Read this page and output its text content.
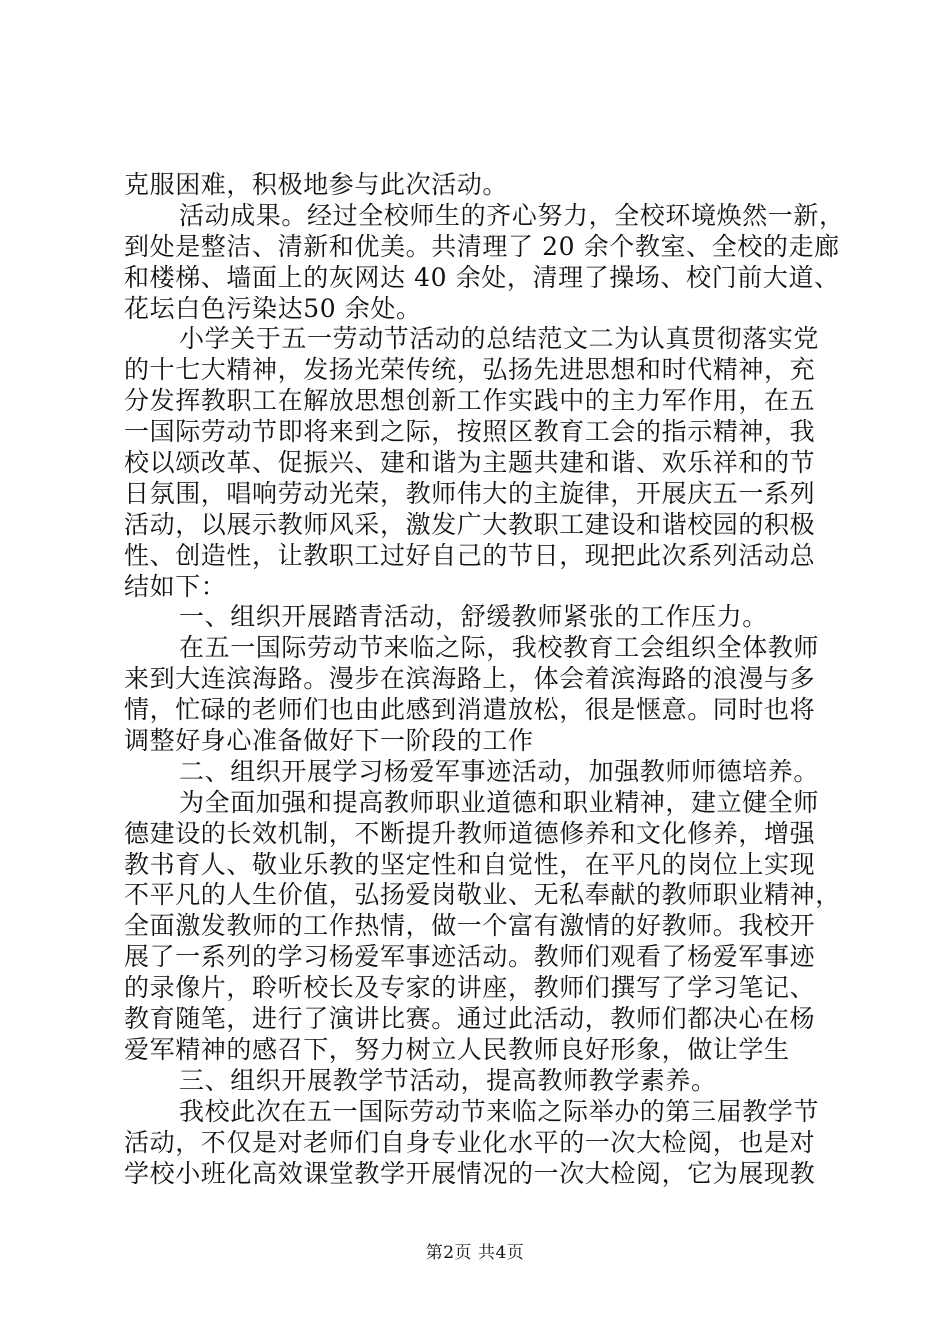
克服困难，积极地参与此次活动。
活动成果。经过全校师生的齐心努力，全校环境焕然一新，
到处是整洁、清新和优美。共清理了 20 余个教室、全校的走廊
和楼梯、墙面上的灰网达 40 余处，清理了操场、校门前大道、
花坛白色污染达50 余处。
小学关于五一劳动节活动的总结范文二为认真贯彻落实党
的十七大精神，发扬光荣传统，弘扬先进思想和时代精神，充
分发挥教职工在解放思想创新工作实践中的主力军作用，在五
一国际劳动节即将来到之际，按照区教育工会的指示精神，我
校以颂改革、促振兴、建和谐为主题共建和谐、欢乐祥和的节
日氛围，唱响劳动光荣，教师伟大的主旋律，开展庆五一系列
活动，以展示教师风采，激发广大教职工建设和谐校园的积极
性、创造性，让教职工过好自己的节日，现把此次系列活动总
结如下：
一、组织开展踏青活动，舒缓教师紧张的工作压力。
在五一国际劳动节来临之际，我校教育工会组织全体教师
来到大连滨海路。漫步在滨海路上，体会着滨海路的浪漫与多
情，忙碌的老师们也由此感到消遣放松，很是惬意。同时也将
调整好身心准备做好下一阶段的工作
二、组织开展学习杨爱军事迹活动，加强教师师德培养。
为全面加强和提高教师职业道德和职业精神，建立健全师
德建设的长效机制，不断提升教师道德修养和文化修养，增强
教书育人、敬业乐教的坚定性和自觉性，在平凡的岗位上实现
不平凡的人生价值，弘扬爱岗敬业、无私奉献的教师职业精神，
全面激发教师的工作热情，做一个富有激情的好教师。我校开
展了一系列的学习杨爱军事迹活动。教师们观看了杨爱军事迹
的录像片，聆听校长及专家的讲座，教师们撰写了学习笔记、
教育随笔，进行了演讲比赛。通过此活动，教师们都决心在杨
爱军精神的感召下，努力树立人民教师良好形象，做让学生
三、组织开展教学节活动，提高教师教学素养。
我校此次在五一国际劳动节来临之际举办的第三届教学节
活动，不仅是对老师们自身专业化水平的一次大检阅，也是对
学校小班化高效课堂教学开展情况的一次大检阅，它为展现教
第2页 共4页
